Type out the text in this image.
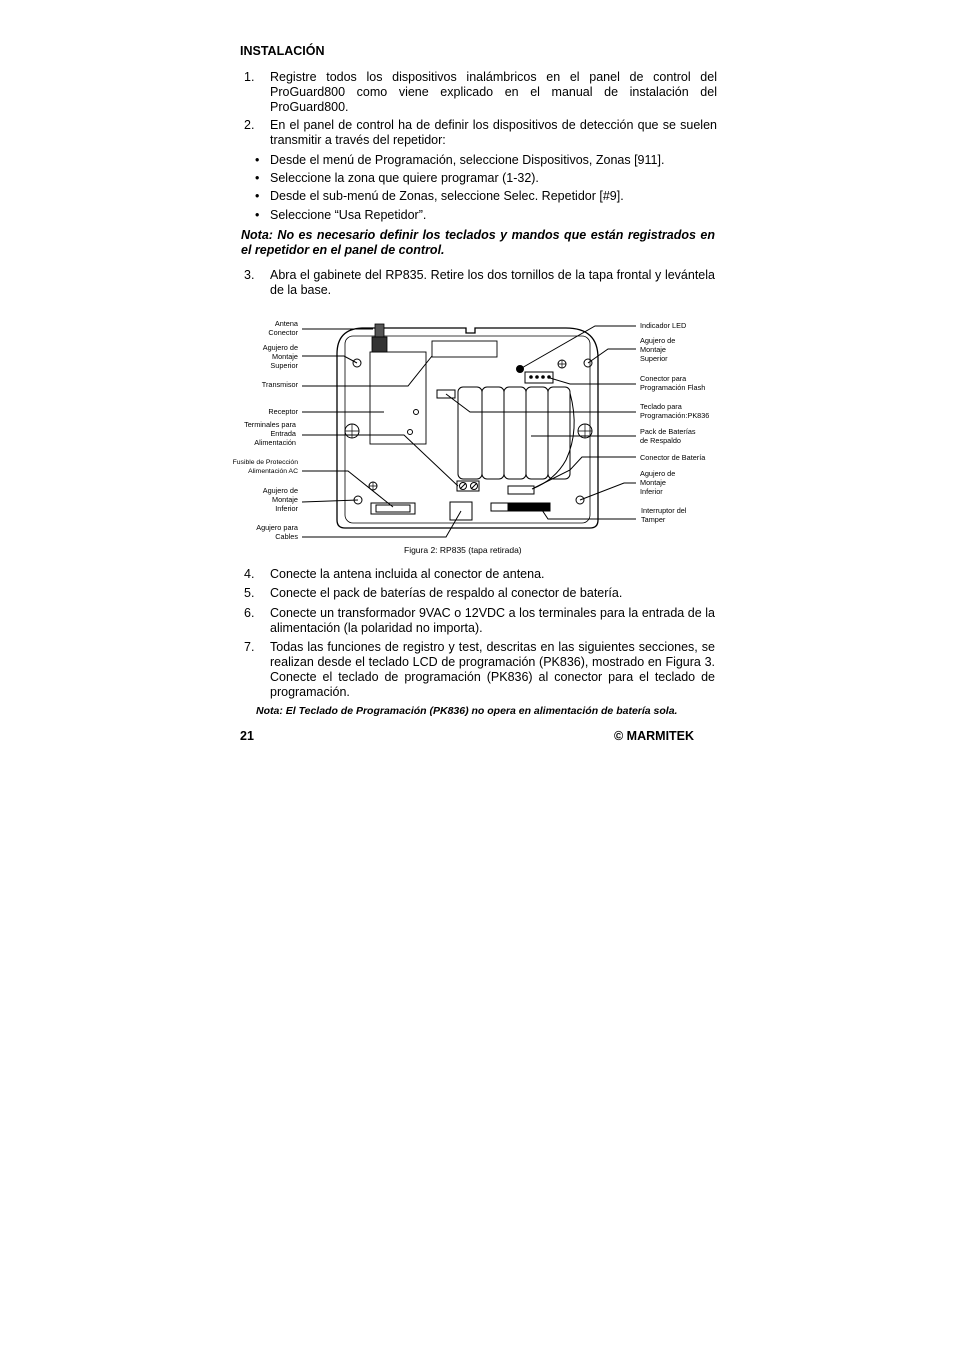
INSTALACIÓN
1. Registre todos los dispositivos inalámbricos en el panel de control del ProGuard800 como viene explicado en el manual de instalación del ProGuard800.
2. En el panel de control ha de definir los dispositivos de detección que se suelen transmitir a través del repetidor:
• Desde el menú de Programación, seleccione Dispositivos, Zonas [911].
• Seleccione la zona que quiere programar (1-32).
• Desde el sub-menú de Zonas, seleccione Selec. Repetidor [#9].
• Seleccione “Usa Repetidor”.
Nota: No es necesario definir los teclados y mandos que están registrados en el repetidor en el panel de control.
3. Abra el gabinete del RP835. Retire los dos tornillos de la tapa frontal y levántela de la base.
Antena
Conector
Agujero de
Montaje
Superior
Transmisor
Receptor
Terminales para
Entrada
Alimentación
Fusible de Protección
Alimentación AC
Agujero de
Montaje
Inferior
Agujero para
Cables
Indicador LED
Agujero de
Montaje
Superior
Conector para
Programación Flash
Teclado para
Programación:PK836
Pack de Baterías
de Respaldo
Conector de Batería
Agujero de
Montaje
Inferior
Interruptor del
Tamper
Figura 2: RP835 (tapa retirada)
4. Conecte la antena incluida al conector de antena.
5. Conecte el pack de baterías de respaldo al conector de batería.
6. Conecte un transformador 9VAC o 12VDC a los terminales para la entrada de la alimentación (la polaridad no importa).
7. Todas las funciones de registro y test, descritas en las siguientes secciones, se realizan desde el teclado LCD de programación (PK836), mostrado en Figura 3. Conecte el teclado de programación (PK836) al conector para el teclado de programación.
Nota: El Teclado de Programación (PK836) no opera en alimentación de batería sola.
21	© MARMITEK
